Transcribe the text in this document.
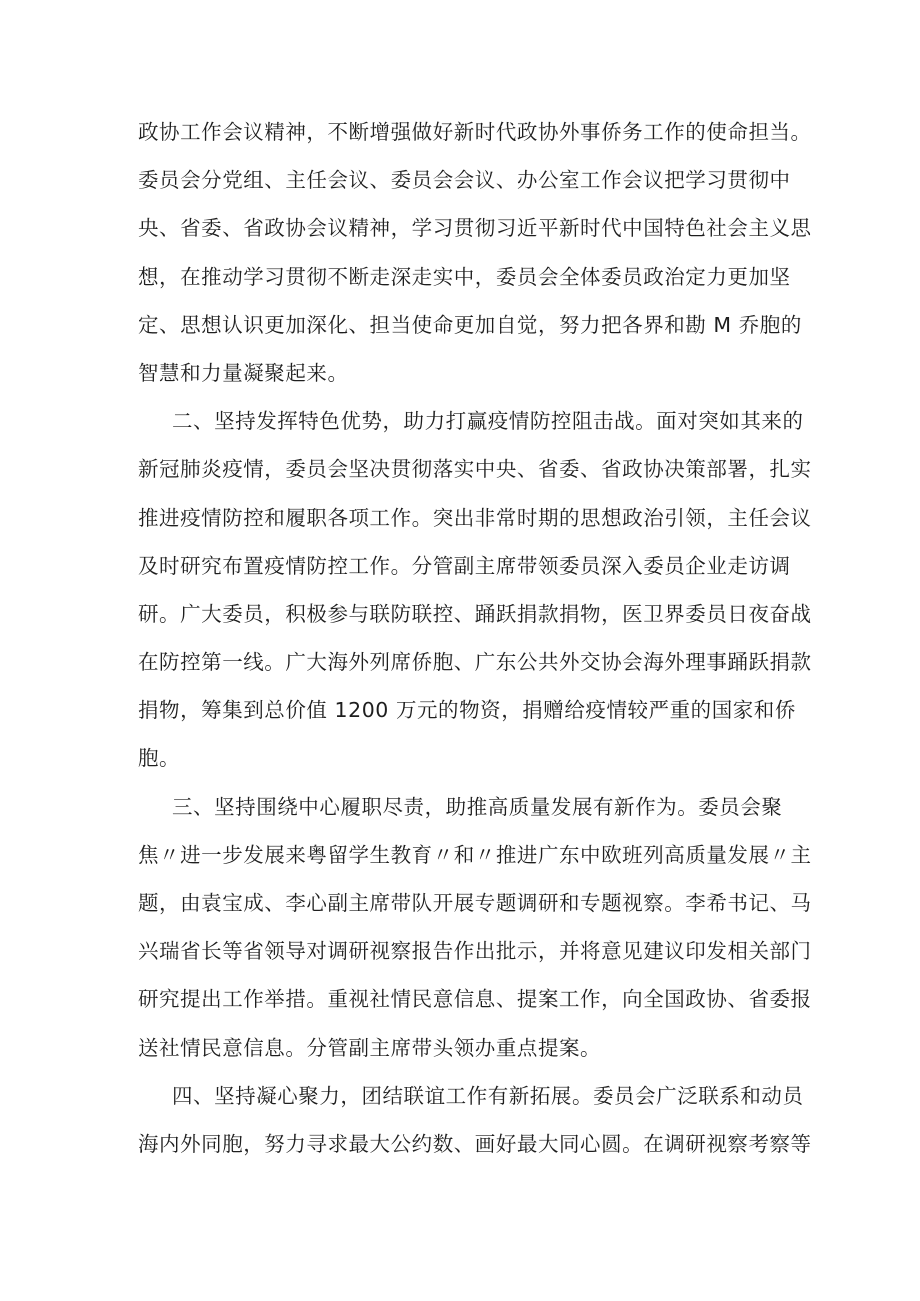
政协工作会议精神，不断增强做好新时代政协外事侨务工作的使命担当。
委员会分党组、主任会议、委员会会议、办公室工作会议把学习贯彻中
央、省委、省政协会议精神，学习贯彻习近平新时代中国特色社会主义思
想，在推动学习贯彻不断走深走实中，委员会全体委员政治定力更加坚
定、思想认识更加深化、担当使命更加自觉，努力把各界和勘 M 乔胞的
智慧和力量凝聚起来。
二、坚持发挥特色优势，助力打赢疫情防控阻击战。面对突如其来的
新冠肺炎疫情，委员会坚决贯彻落实中央、省委、省政协决策部署，扎实
推进疫情防控和履职各项工作。突出非常时期的思想政治引领，主任会议
及时研究布置疫情防控工作。分管副主席带领委员深入委员企业走访调
研。广大委员，积极参与联防联控、踊跃捐款捐物，医卫界委员日夜奋战
在防控第一线。广大海外列席侨胞、广东公共外交协会海外理事踊跃捐款
捐物，筹集到总价值 1200 万元的物资，捐赠给疫情较严重的国家和侨
胞。
三、坚持围绕中心履职尽责，助推高质量发展有新作为。委员会聚
焦〃进一步发展来粤留学生教育〃和〃推进广东中欧班列高质量发展〃主
题，由袁宝成、李心副主席带队开展专题调研和专题视察。李希书记、马
兴瑞省长等省领导对调研视察报告作出批示，并将意见建议印发相关部门
研究提出工作举措。重视社情民意信息、提案工作，向全国政协、省委报
送社情民意信息。分管副主席带头领办重点提案。
四、坚持凝心聚力，团结联谊工作有新拓展。委员会广泛联系和动员
海内外同胞，努力寻求最大公约数、画好最大同心圆。在调研视察考察等
